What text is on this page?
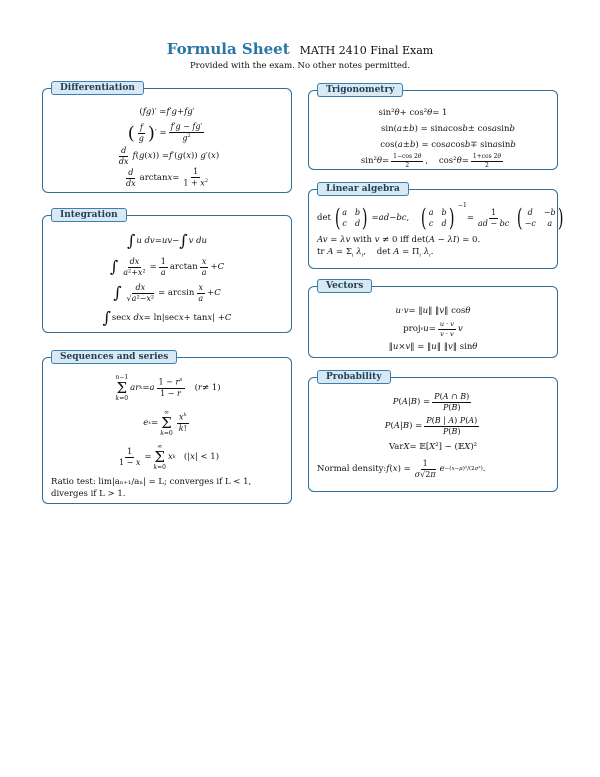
Formula Sheet MATH 2410 Final Exam
Provided with the exam. No other notes permitted.
Differentiation
( fg )′ = f ′ g + fg ′
( $\frac{f}{g}$ ) ′ = $\frac{f'g - fg'}{g^2}$
$\frac{d}{dx}$ f ( g ( x )) = f ′( g ( x )) g ′( x )
$\frac{d}{dx}$ $\arctan x = \frac{1}{1 + x^2}$
Integration
∫ u dv = uv − ∫ v du
∫ $\frac{dx}{\text{a²+x²}} = \frac{1}{a}$ $\arctan \frac{x}{a} + C$
∫ $\frac{dx}{\text{√a²−x²}} = \arcsin \frac{x}{a} + C$
∫ sec x dx = ln|sec x + tan x | + C
Sequences and series
n−1
Σ
k=0
ar k = a $\frac{1 - r^n}{1 - r}$ ( r ≠ 1)
e x =
∞
Σ
k=0
$\frac{x^k}{k!}$
$\frac{1}{1 - x}$ =
∞
Σ
k=0
x k (| x | < 1)
Ratio test: lim|aₙ₊₁/aₙ| = L; converges if L < 1, diverges if L > 1.
Trigonometry
sin² θ + cos² θ = 1
sin( a ± b ) = sin a cos b ± cos a sin b
cos( a ± b ) = cos a cos b ∓ sin a sin b
sin² $\theta = \frac{1-\cos 2\theta}{2}$ ,    cos² $\theta = \frac{1+\cos 2\theta}{2}$
Linear algebra
det ( a b
c d ) = ad − bc , ( a b
c d ) $^{-1}$
= $\frac{1}{ad - bc}$ ( d	−b
−c	a )
Av = λv with v ≠ 0 iff det(A − λI) = 0.
tr $A = \Sigma_i$ $\lambda_i$,    $\det A = \Pi_i$ $\lambda_i$.
Vectors
u · v = ‖ u ‖ ‖ v ‖ cos θ
proj v $u = \frac{u \cdot v}{v \cdot v}$ v
‖ u × v ‖ = ‖ u ‖ ‖ v ‖ sin θ
Probability
P ( A | B ) = $\frac{P(A \cap B)}{P(B)}$
P ( A | B ) = $\frac{P(B | A) P(A)}{P(B)}$
Var X = 𝔼[ X ²] − (𝔼 X )²
Normal density: f ( x ) = $\frac{1}{\sigma√2\pi}$ e −(x−μ)²/(2σ²) .
